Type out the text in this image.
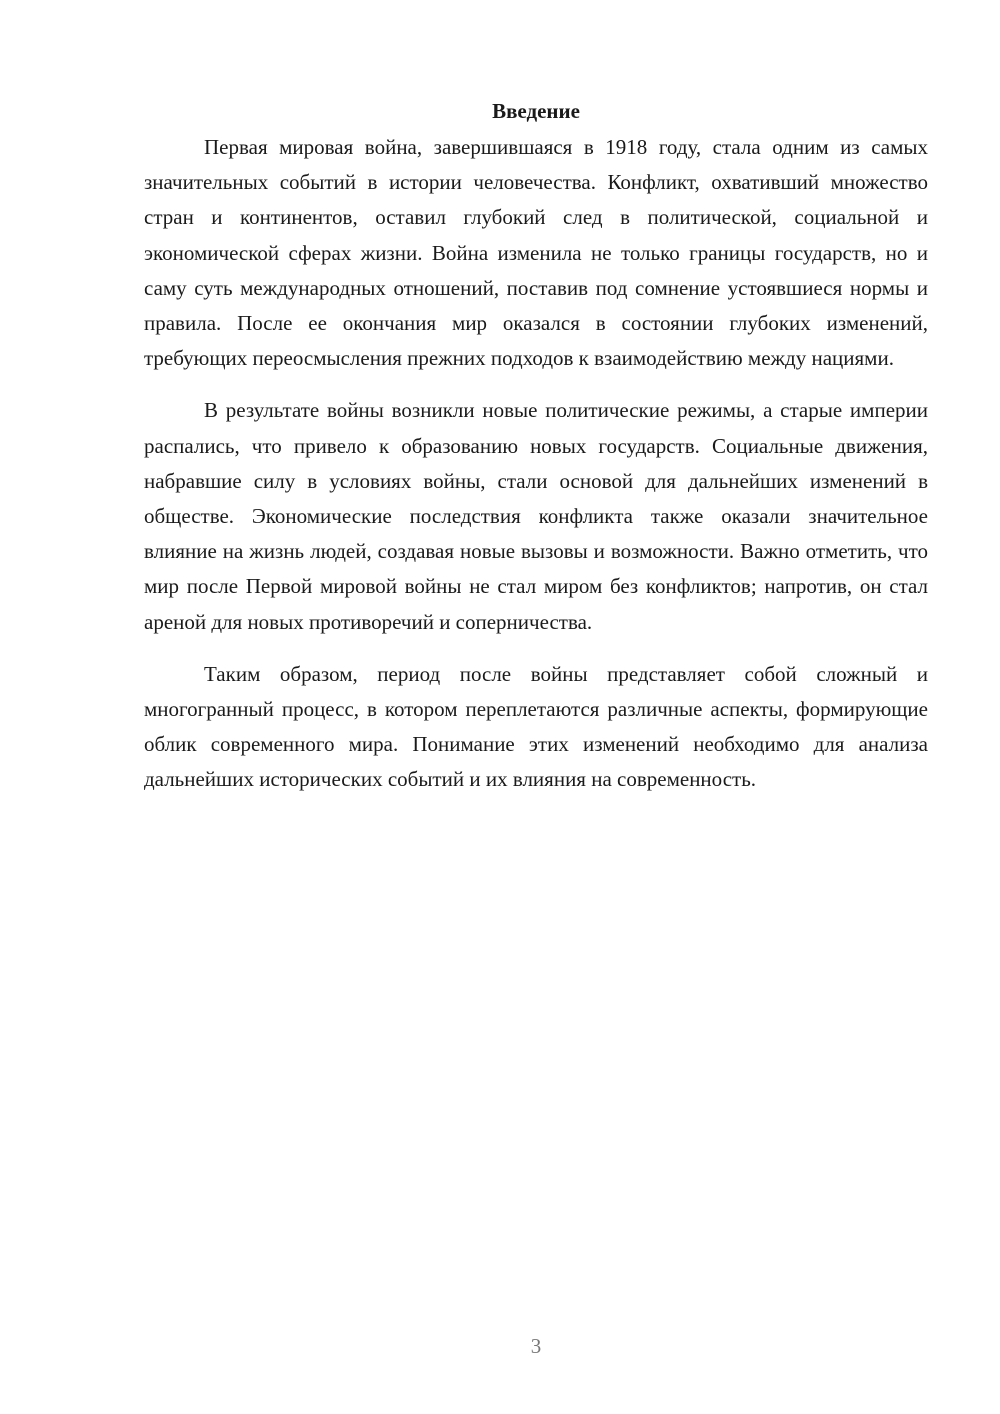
Введение

Первая мировая война, завершившаяся в 1918 году, стала одним из самых значительных событий в истории человечества. Конфликт, охвативший множество стран и континентов, оставил глубокий след в политической, социальной и экономической сферах жизни. Война изменила не только границы государств, но и саму суть международных отношений, поставив под сомнение устоявшиеся нормы и правила. После ее окончания мир оказался в состоянии глубоких изменений, требующих переосмысления прежних подходов к взаимодействию между нациями.

В результате войны возникли новые политические режимы, а старые империи распались, что привело к образованию новых государств. Социальные движения, набравшие силу в условиях войны, стали основой для дальнейших изменений в обществе. Экономические последствия конфликта также оказали значительное влияние на жизнь людей, создавая новые вызовы и возможности. Важно отметить, что мир после Первой мировой войны не стал миром без конфликтов; напротив, он стал ареной для новых противоречий и соперничества.

Таким образом, период после войны представляет собой сложный и многогранный процесс, в котором переплетаются различные аспекты, формирующие облик современного мира. Понимание этих изменений необходимо для анализа дальнейших исторических событий и их влияния на современность.

3
